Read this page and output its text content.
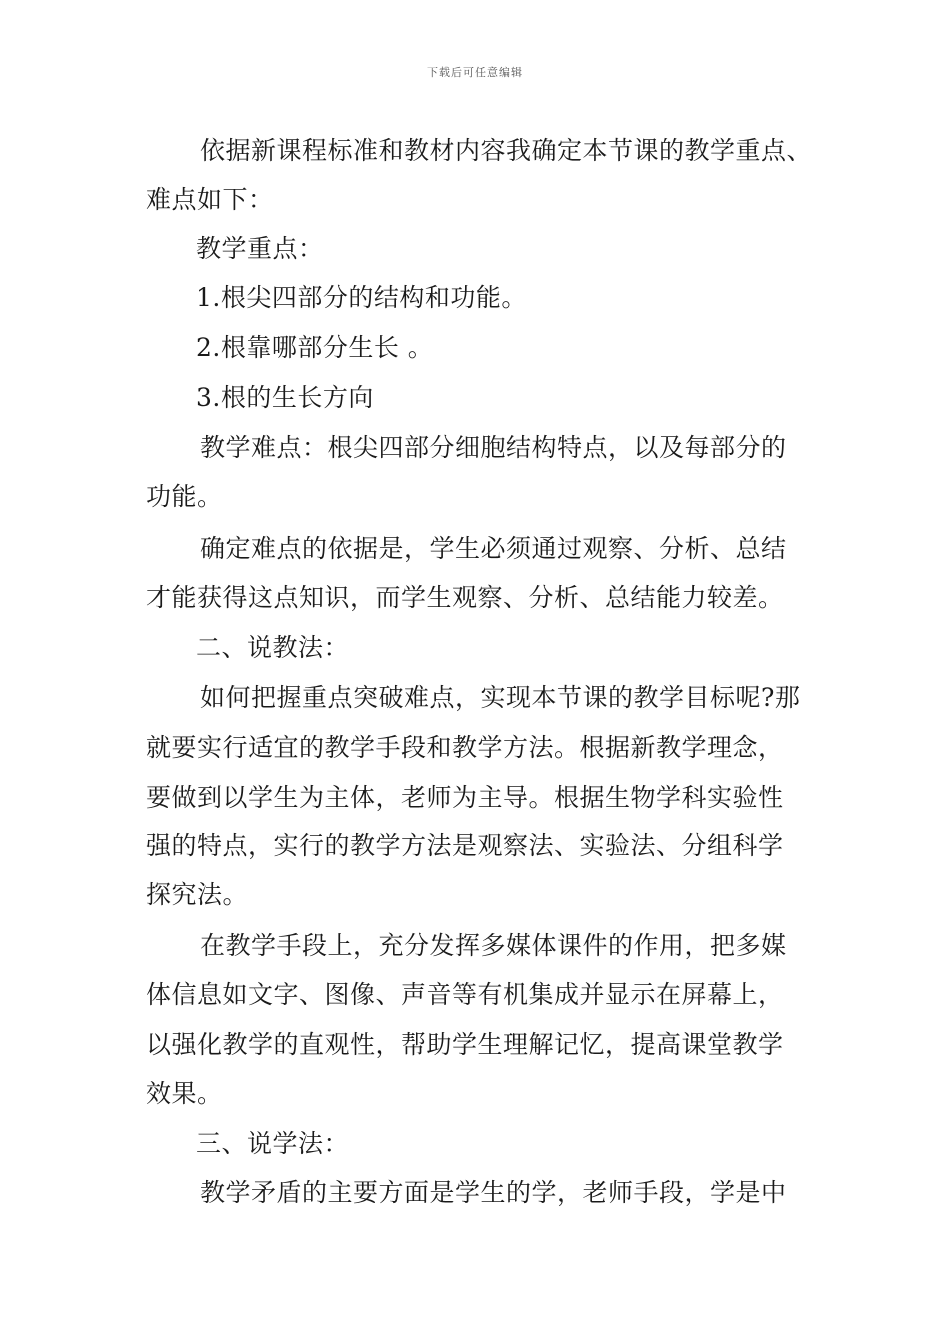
下载后可任意编辑
依据新课程标准和教材内容我确定本节课的教学重点、
难点如下：
教学重点：
1.根尖四部分的结构和功能。
2.根靠哪部分生长 。
3.根的生长方向
教学难点：根尖四部分细胞结构特点，以及每部分的
功能。
确定难点的依据是，学生必须通过观察、分析、总结
才能获得这点知识，而学生观察、分析、总结能力较差。
二、说教法：
如何把握重点突破难点，实现本节课的教学目标呢?那
就要实行适宜的教学手段和教学方法。根据新教学理念，
要做到以学生为主体，老师为主导。根据生物学科实验性
强的特点，实行的教学方法是观察法、实验法、分组科学
探究法。
在教学手段上，充分发挥多媒体课件的作用，把多媒
体信息如文字、图像、声音等有机集成并显示在屏幕上，
以强化教学的直观性，帮助学生理解记忆，提高课堂教学
效果。
三、说学法：
教学矛盾的主要方面是学生的学，老师手段，学是中
